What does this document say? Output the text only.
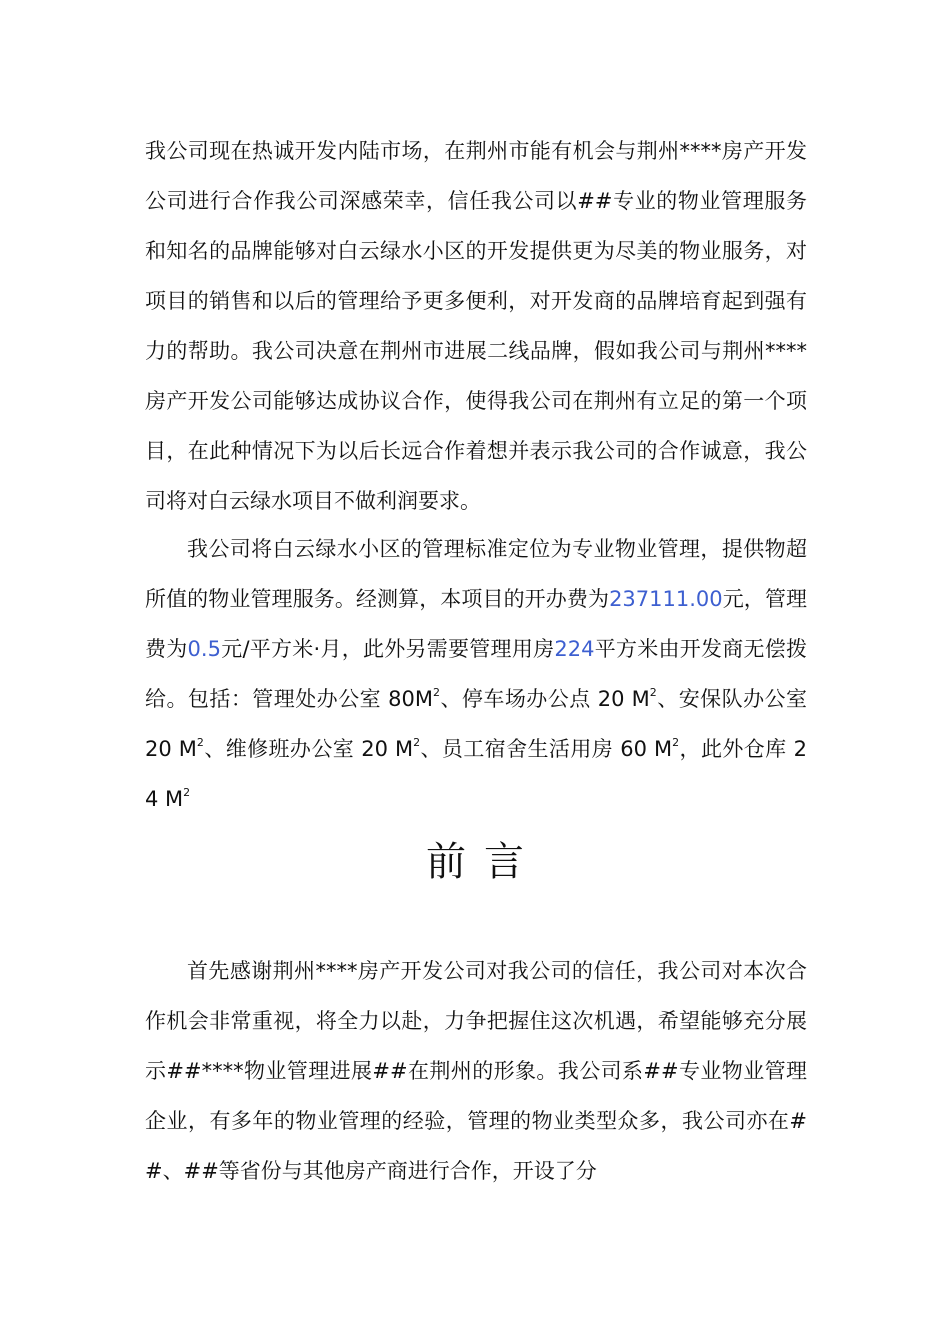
我公司现在热诚开发内陆市场，在荆州市能有机会与荆州****房产开发公司进行合作我公司深感荣幸，信任我公司以##专业的物业管理服务和知名的品牌能够对白云绿水小区的开发提供更为尽美的物业服务，对项目的销售和以后的管理给予更多便利，对开发商的品牌培育起到强有力的帮助。我公司决意在荆州市进展二线品牌，假如我公司与荆州****房产开发公司能够达成协议合作，使得我公司在荆州有立足的第一个项目，在此种情况下为以后长远合作着想并表示我公司的合作诚意，我公司将对白云绿水项目不做利润要求。

我公司将白云绿水小区的管理标准定位为专业物业管理，提供物超所值的物业管理服务。经测算，本项目的开办费为237111.00元，管理费为0.5元/平方米·月，此外另需要管理用房224平方米由开发商无偿拨给。包括：管理处办公室 $80M^2$、停车场办公点 20 $M^2$、安保队办公室 20 $M^2$、维修班办公室 20 $M^2$、员工宿舍生活用房 60 $M^2$，此外仓库 24 $M^2$

前言

首先感谢荆州****房产开发公司对我公司的信任，我公司对本次合作机会非常重视，将全力以赴，力争把握住这次机遇，希望能够充分展示##****物业管理进展##在荆州的形象。我公司系##专业物业管理企业，有多年的物业管理的经验，管理的物业类型众多，我公司亦在##、##等省份与其他房产商进行合作，开设了分
